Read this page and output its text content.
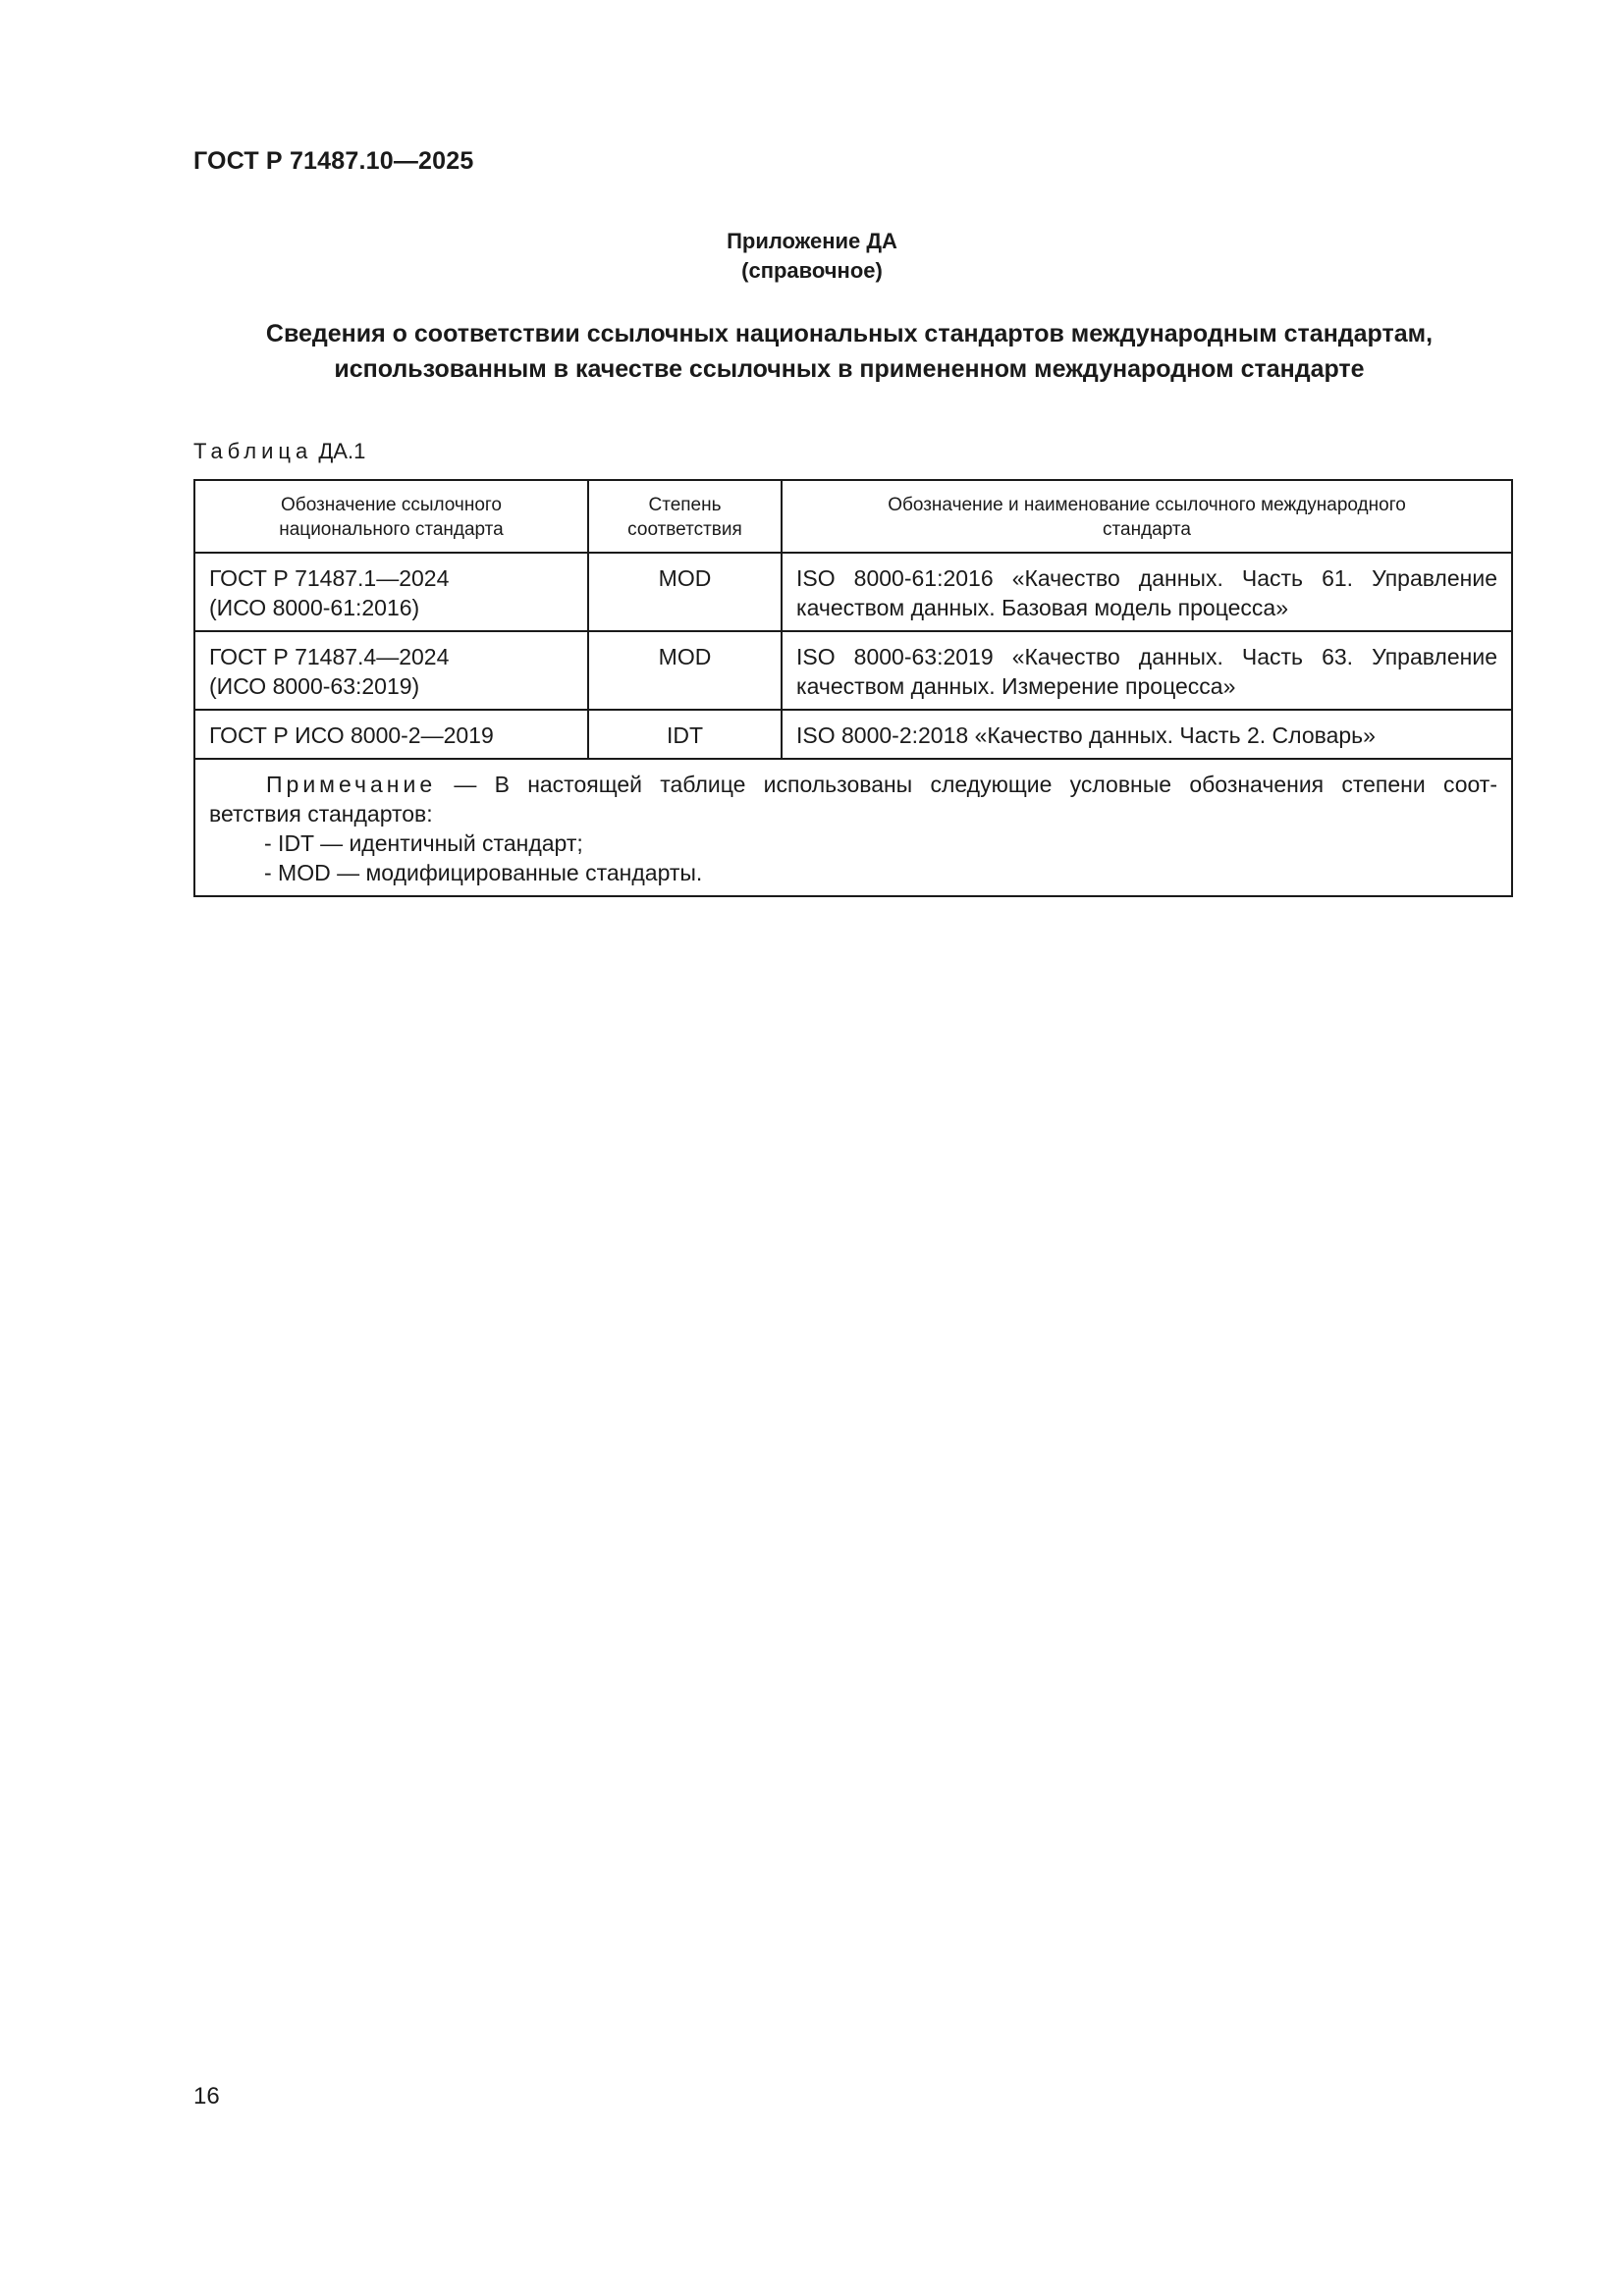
ГОСТ Р 71487.10—2025
Приложение ДА
(справочное)
Сведения о соответствии ссылочных национальных стандартов международным стандартам,
использованным в качестве ссылочных в примененном международном стандарте
Таблица ДА.1
Обозначение ссылочного
национального стандарта	Степень
соответствия	Обозначение и наименование ссылочного международного
стандарта

ГОСТ Р 71487.1—2024
(ИСО 8000-61:2016)	MOD	ISO 8000-61:2016 «Качество данных. Часть 61. Управление
качеством данных. Базовая модель процесса»

ГОСТ Р 71487.4—2024
(ИСО 8000-63:2019)	MOD	ISO 8000-63:2019 «Качество данных. Часть 63. Управление
качеством данных. Измерение процесса»

ГОСТ Р ИСО 8000-2—2019	IDT	ISO 8000-2:2018 «Качество данных. Часть 2. Словарь»

Примечание — В настоящей таблице использованы следующие условные обозначения степени соот-
ветствия стандартов:
- IDT — идентичный стандарт;
- MOD — модифицированные стандарты.		
16
